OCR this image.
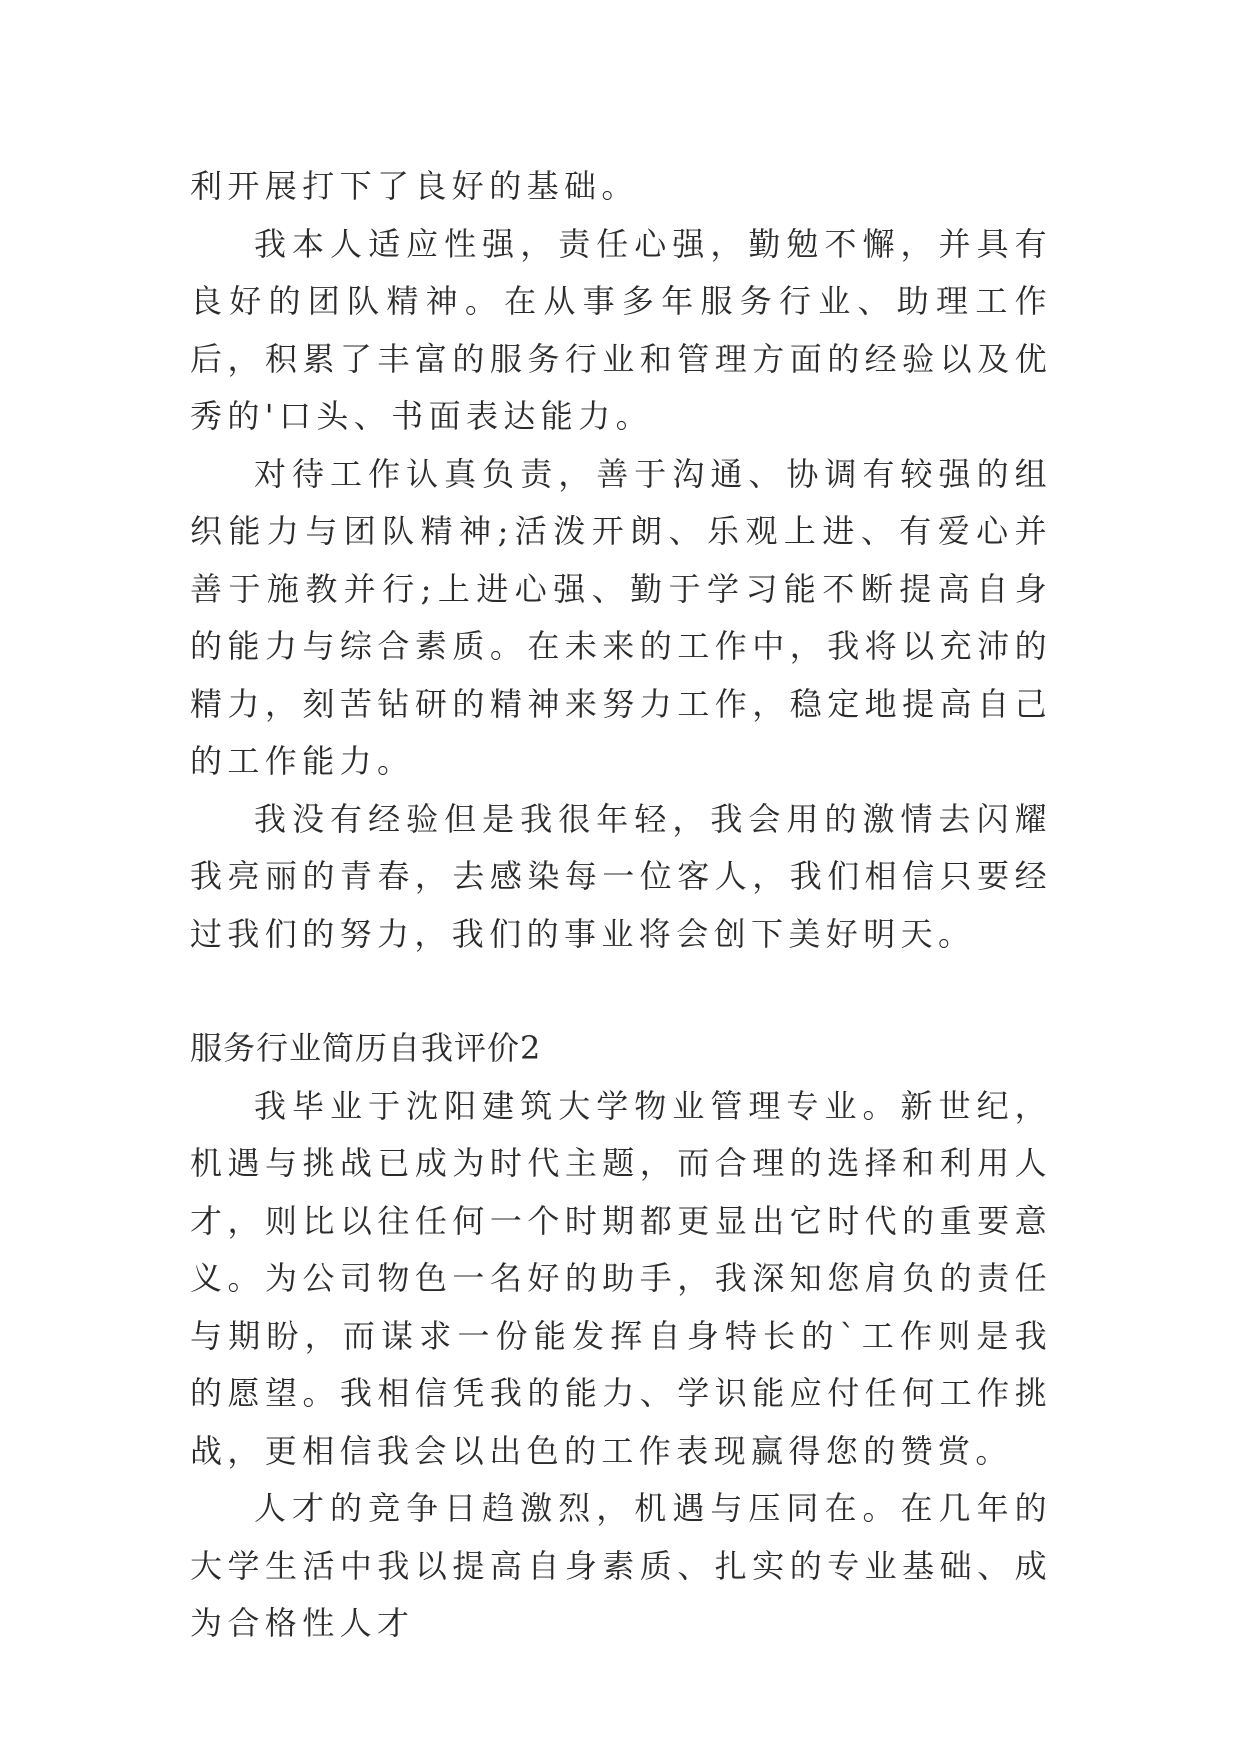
利开展打下了良好的基础。

我本人适应性强，责任心强，勤勉不懈，并具有良好的团队精神。在从事多年服务行业、助理工作后，积累了丰富的服务行业和管理方面的经验以及优秀的'口头、书面表达能力。

对待工作认真负责，善于沟通、协调有较强的组织能力与团队精神;活泼开朗、乐观上进、有爱心并善于施教并行;上进心强、勤于学习能不断提高自身的能力与综合素质。在未来的工作中，我将以充沛的精力，刻苦钻研的精神来努力工作，稳定地提高自己的工作能力。

我没有经验但是我很年轻，我会用的激情去闪耀我亮丽的青春，去感染每一位客人，我们相信只要经过我们的努力，我们的事业将会创下美好明天。

服务行业简历自我评价2

我毕业于沈阳建筑大学物业管理专业。新世纪，机遇与挑战已成为时代主题，而合理的选择和利用人才，则比以往任何一个时期都更显出它时代的重要意义。为公司物色一名好的助手，我深知您肩负的责任与期盼，而谋求一份能发挥自身特长的`工作则是我的愿望。我相信凭我的能力、学识能应付任何工作挑战，更相信我会以出色的工作表现赢得您的赞赏。

人才的竞争日趋激烈，机遇与压同在。在几年的大学生活中我以提高自身素质、扎实的专业基础、成为合格性人才
